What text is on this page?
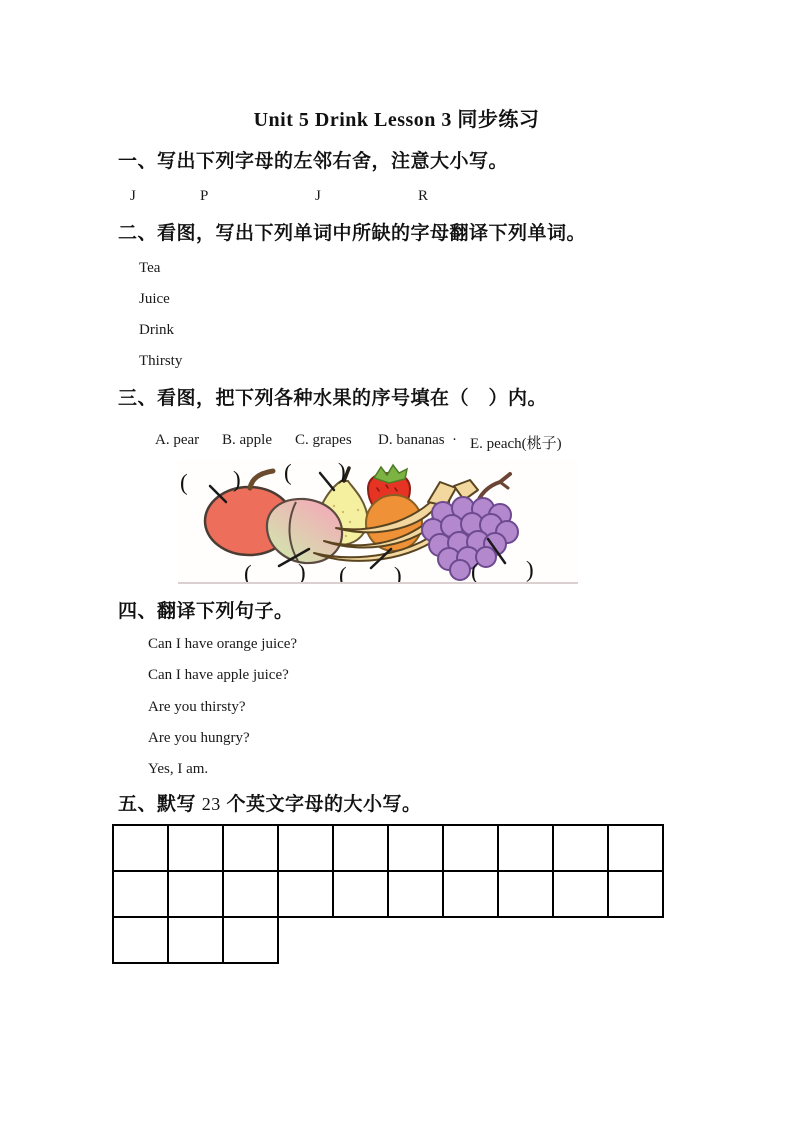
Unit 5 Drink Lesson 3 同步练习
一、写出下列字母的左邻右舍，注意大小写。
J	P	J	R
二、看图，写出下列单词中所缺的字母翻译下列单词。
Tea
Juice
Drink
Thirsty
三、看图，把下列各种水果的序号填在（　）内。
A. pear B. apple C. grapes D. bananas · E. peach(桃子)
( ) ( )
( ) ( )	( )
四、翻译下列句子。
Can I have orange juice?
Can I have apple juice?
Are you thirsty?
Are you hungry?
Yes, I am.
五、默写 23 个英文字母的大小写。
